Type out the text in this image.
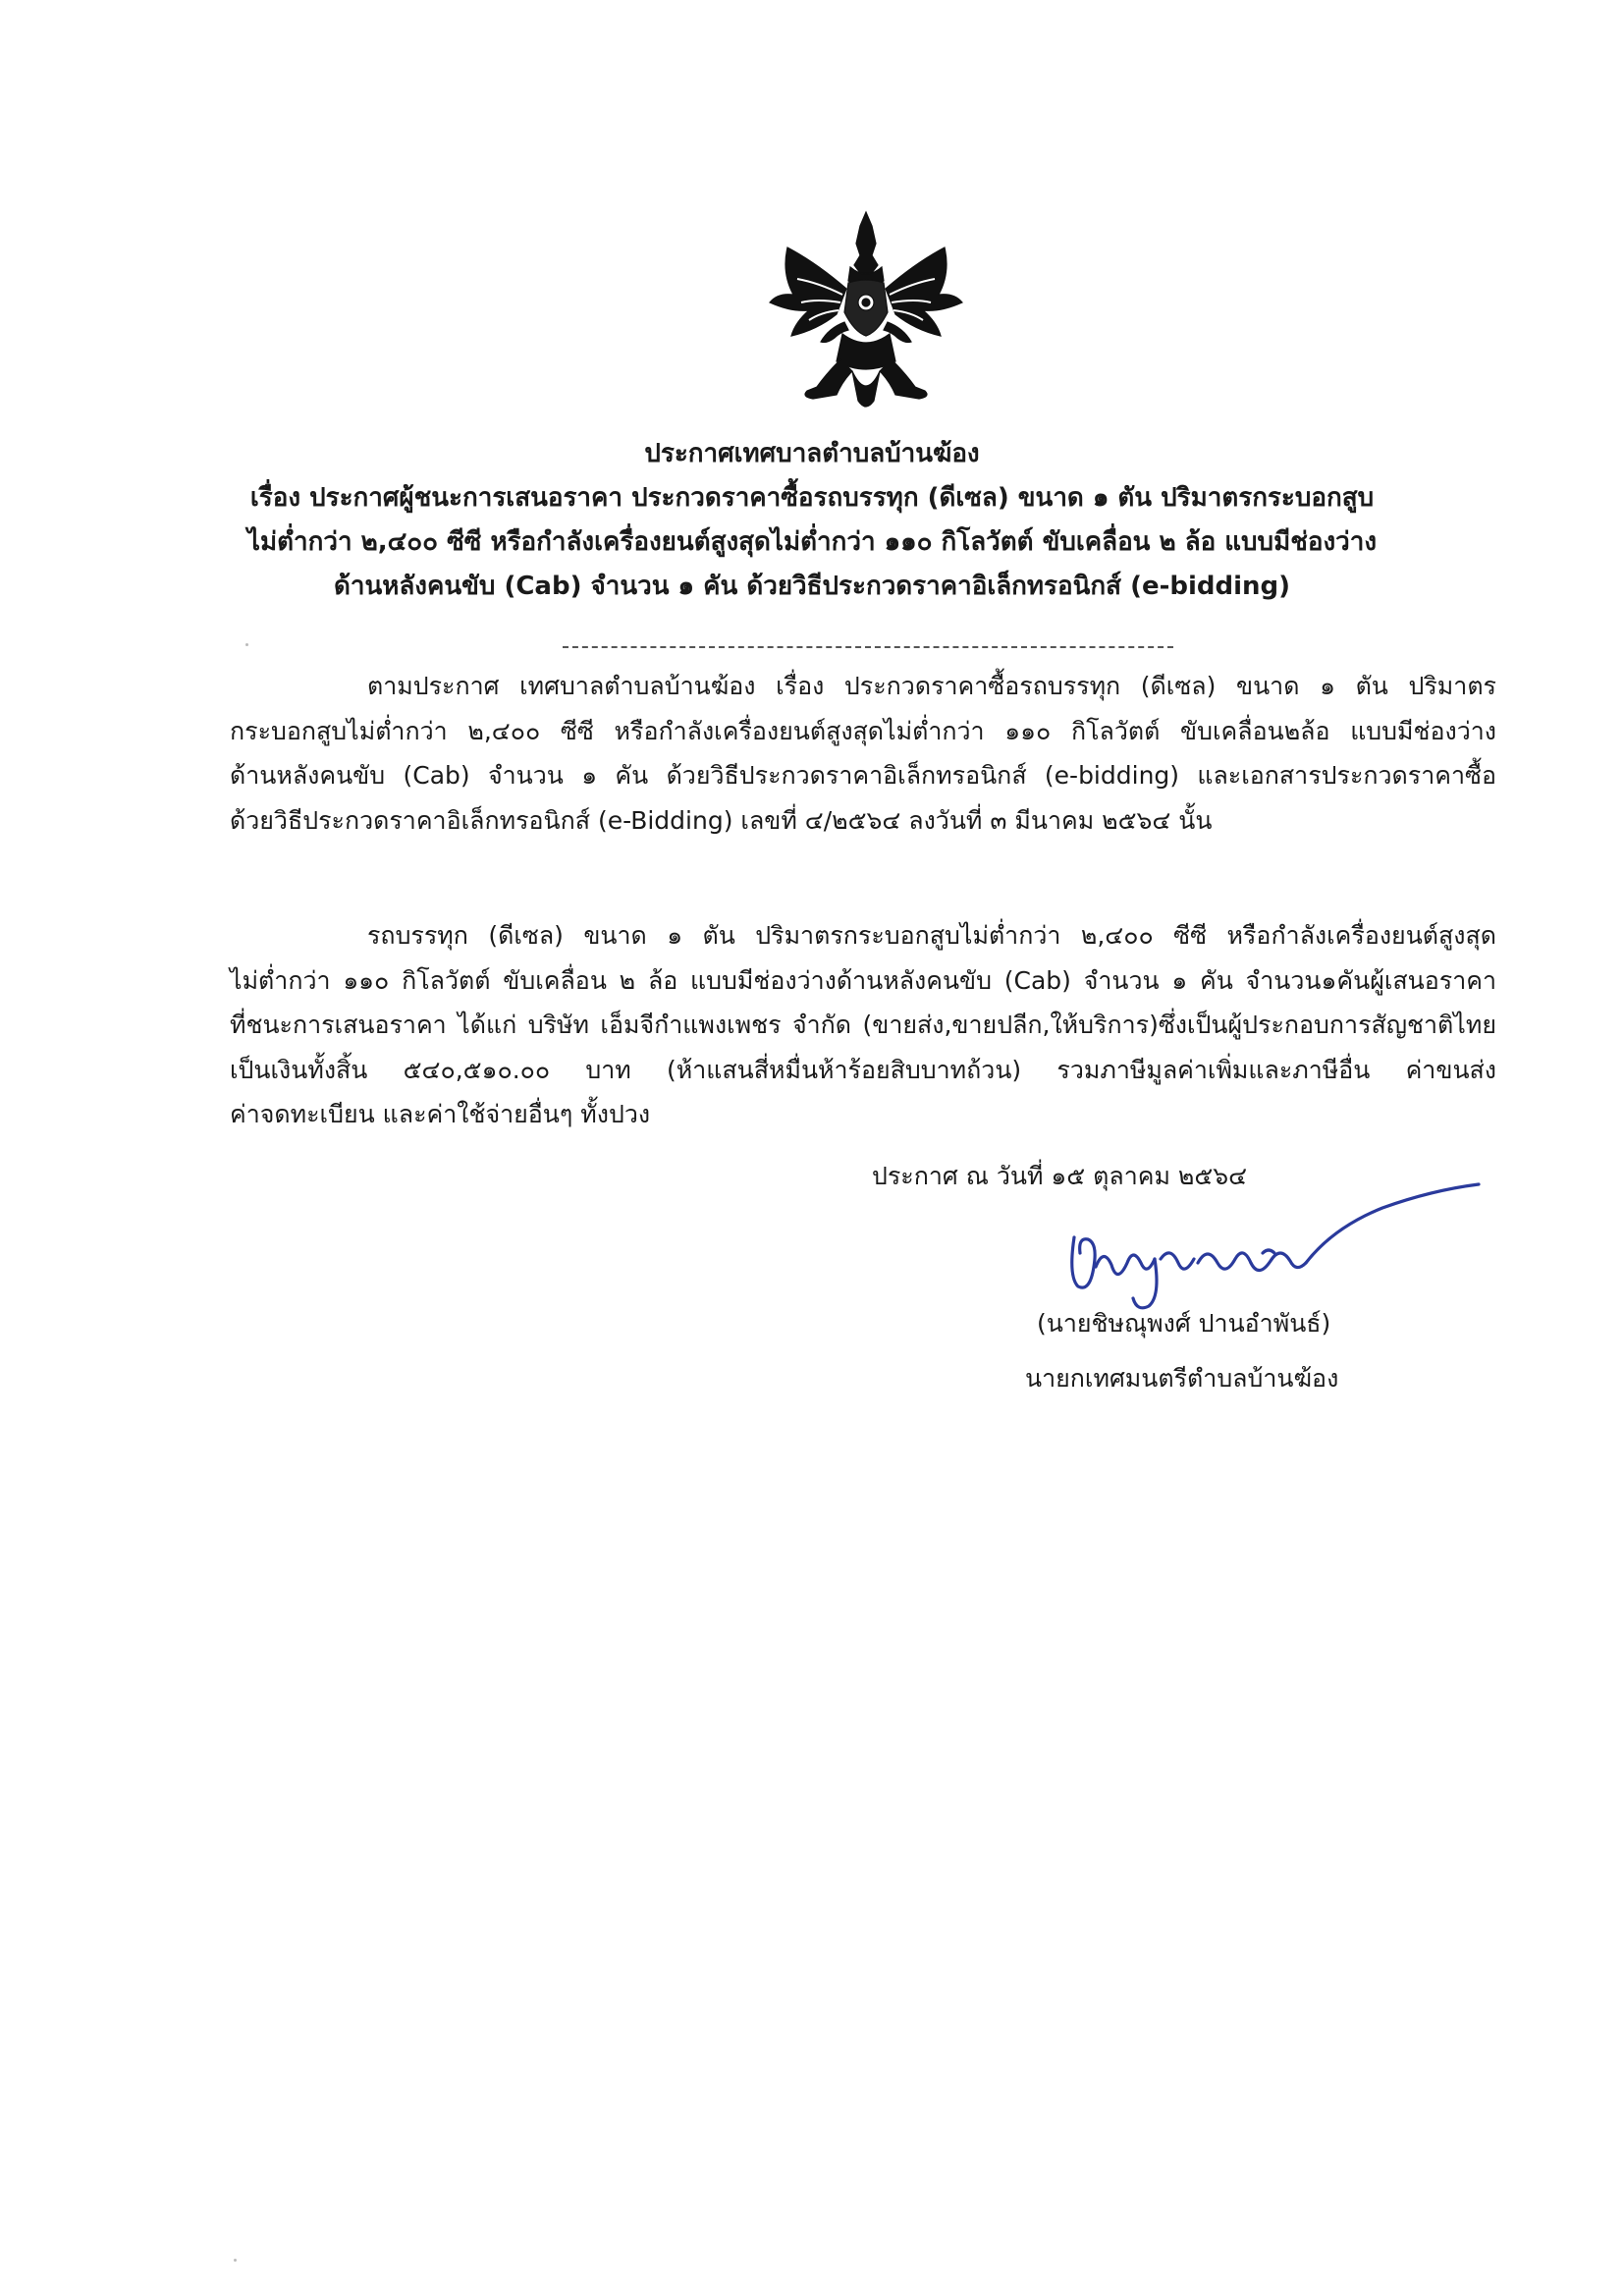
ประกาศเทศบาลตำบลบ้านฆ้อง
เรื่อง ประกาศผู้ชนะการเสนอราคา ประกวดราคาซื้อรถบรรทุก (ดีเซล) ขนาด ๑ ตัน ปริมาตรกระบอกสูบ
ไม่ต่ำกว่า ๒,๔๐๐ ซีซี หรือกำลังเครื่องยนต์สูงสุดไม่ต่ำกว่า ๑๑๐ กิโลวัตต์ ขับเคลื่อน ๒ ล้อ แบบมีช่องว่าง
ด้านหลังคนขับ (Cab) จำนวน ๑ คัน ด้วยวิธีประกวดราคาอิเล็กทรอนิกส์ (e-bidding)
ตามประกาศ เทศบาลตำบลบ้านฆ้อง เรื่อง ประกวดราคาซื้อรถบรรทุก (ดีเซล) ขนาด ๑ ตัน ปริมาตร
กระบอกสูบไม่ต่ำกว่า ๒,๔๐๐ ซีซี หรือกำลังเครื่องยนต์สูงสุดไม่ต่ำกว่า ๑๑๐ กิโลวัตต์ ขับเคลื่อน๒ล้อ แบบมีช่องว่าง
ด้านหลังคนขับ (Cab) จำนวน ๑ คัน ด้วยวิธีประกวดราคาอิเล็กทรอนิกส์ (e-bidding) และเอกสารประกวดราคาซื้อ
ด้วยวิธีประกวดราคาอิเล็กทรอนิกส์ (e-Bidding) เลขที่ ๔/๒๕๖๔ ลงวันที่ ๓ มีนาคม ๒๕๖๔ นั้น
รถบรรทุก (ดีเซล) ขนาด ๑ ตัน ปริมาตรกระบอกสูบไม่ต่ำกว่า ๒,๔๐๐ ซีซี หรือกำลังเครื่องยนต์สูงสุด
ไม่ต่ำกว่า ๑๑๐ กิโลวัตต์ ขับเคลื่อน ๒ ล้อ แบบมีช่องว่างด้านหลังคนขับ (Cab) จำนวน ๑ คัน จำนวน๑คันผู้เสนอราคา
ที่ชนะการเสนอราคา ได้แก่ บริษัท เอ็มจีกำแพงเพชร จำกัด (ขายส่ง,ขายปลีก,ให้บริการ)ซึ่งเป็นผู้ประกอบการสัญชาติไทย
เป็นเงินทั้งสิ้น ๕๔๐,๕๑๐.๐๐ บาท (ห้าแสนสี่หมื่นห้าร้อยสิบบาทถ้วน) รวมภาษีมูลค่าเพิ่มและภาษีอื่น ค่าขนส่ง
ค่าจดทะเบียน และค่าใช้จ่ายอื่นๆ ทั้งปวง
ประกาศ ณ วันที่ ๑๕ ตุลาคม ๒๕๖๔
(นายชิษณุพงศ์ ปานอำพันธ์)
นายกเทศมนตรีตำบลบ้านฆ้อง
